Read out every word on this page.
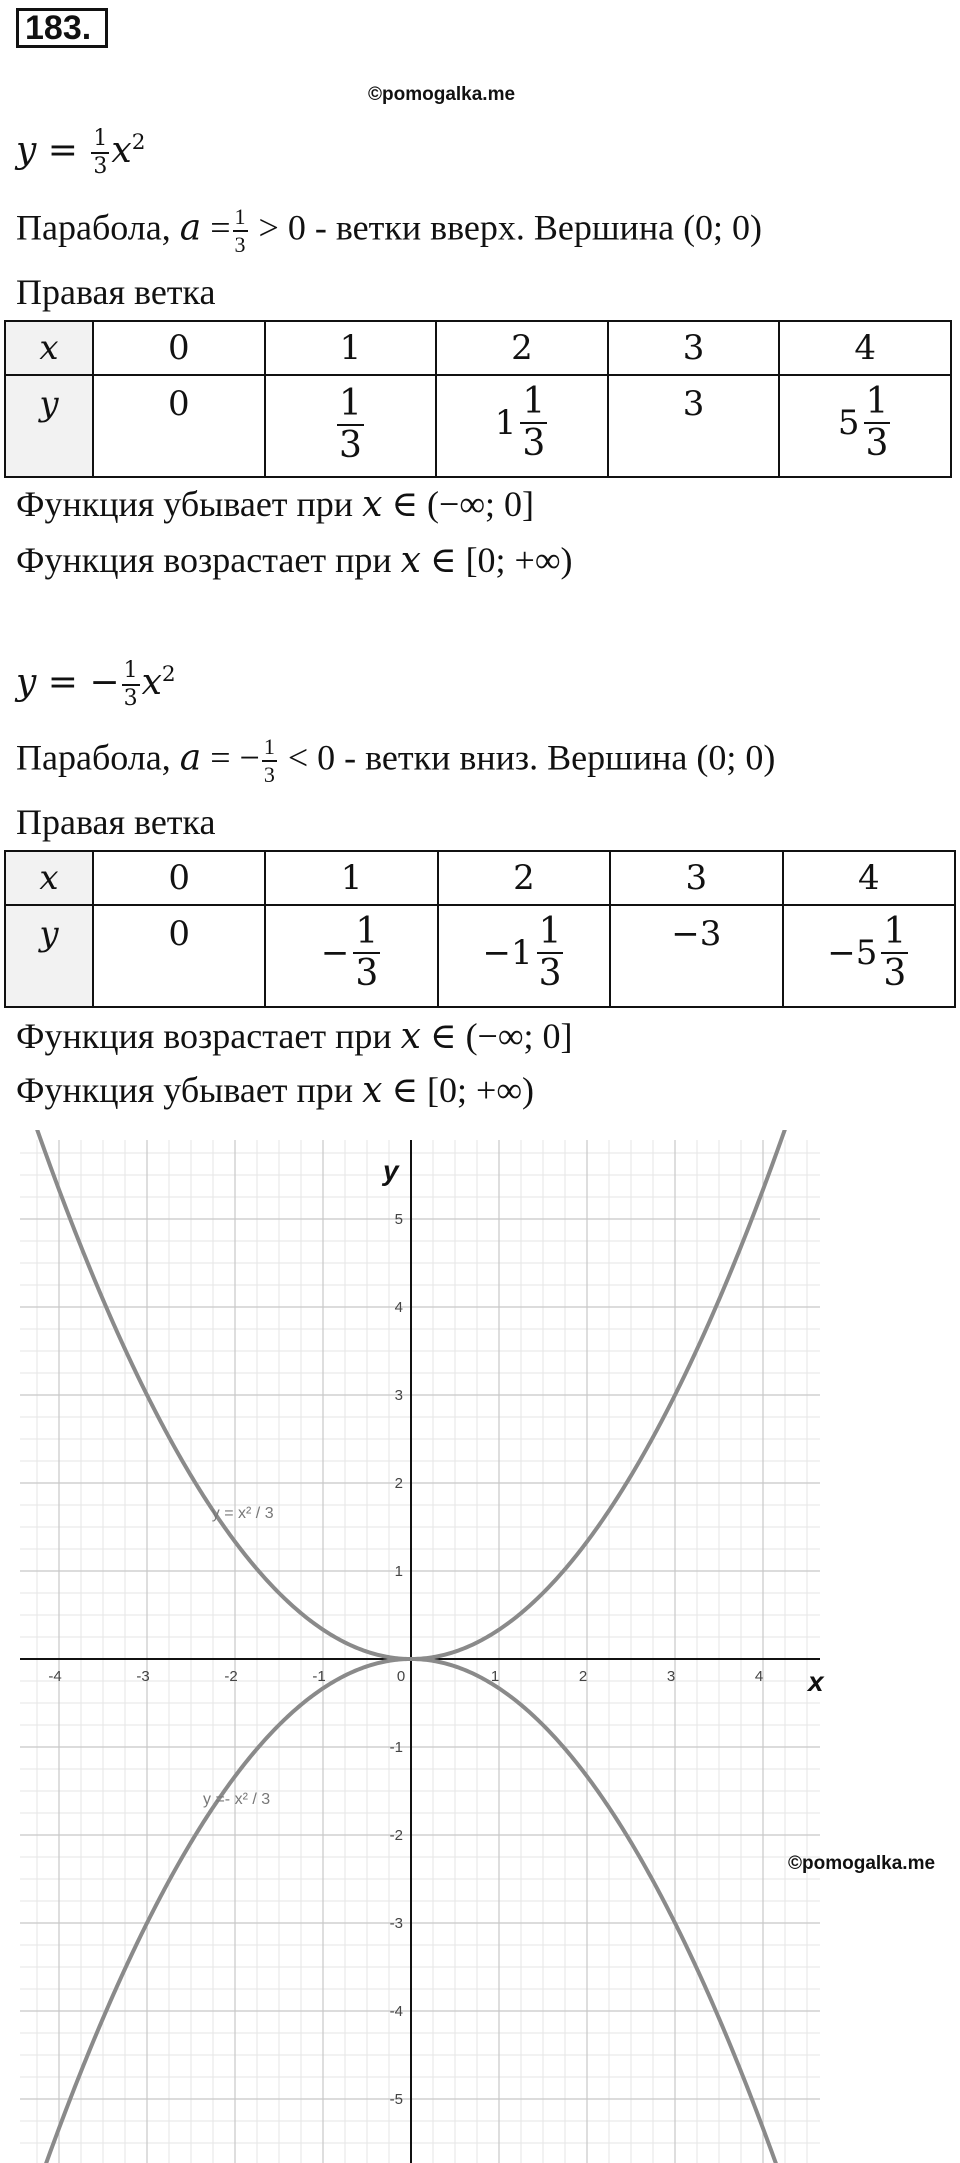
183.
©pomogalka.me
$y = \frac{1}{3} x^2$
Парабола, $a = \frac{1}{3} > 0$ - ветки вверх. Вершина (0; 0)
Правая ветка
x	0	1	2	3	4
y	0	$\frac{1}{3}$	$1 \frac{1}{3}$	3	$5 \frac{1}{3}$
Функция убывает при x ∈ (−∞; 0]
Функция возрастает при x ∈ [0; +∞)
y = − $\frac{1}{3} x^2$
Парабола, a = − $\frac{1}{3} < 0$ - ветки вниз. Вершина (0; 0)
Правая ветка
x	0	1	2	3	4
y	0	− $\frac{1}{3}$	$-1 \frac{1}{3}$	−3	$-5 \frac{1}{3}$
Функция возрастает при x ∈ (−∞; 0]
Функция убывает при x ∈ [0; +∞)
-4	-3	-2	-1	0	1	2	3	4
5
4
3
2
1
-1
-2
-3
-4
-5
x
y
y = x² / 3
y =- x² / 3
©pomogalka.me
